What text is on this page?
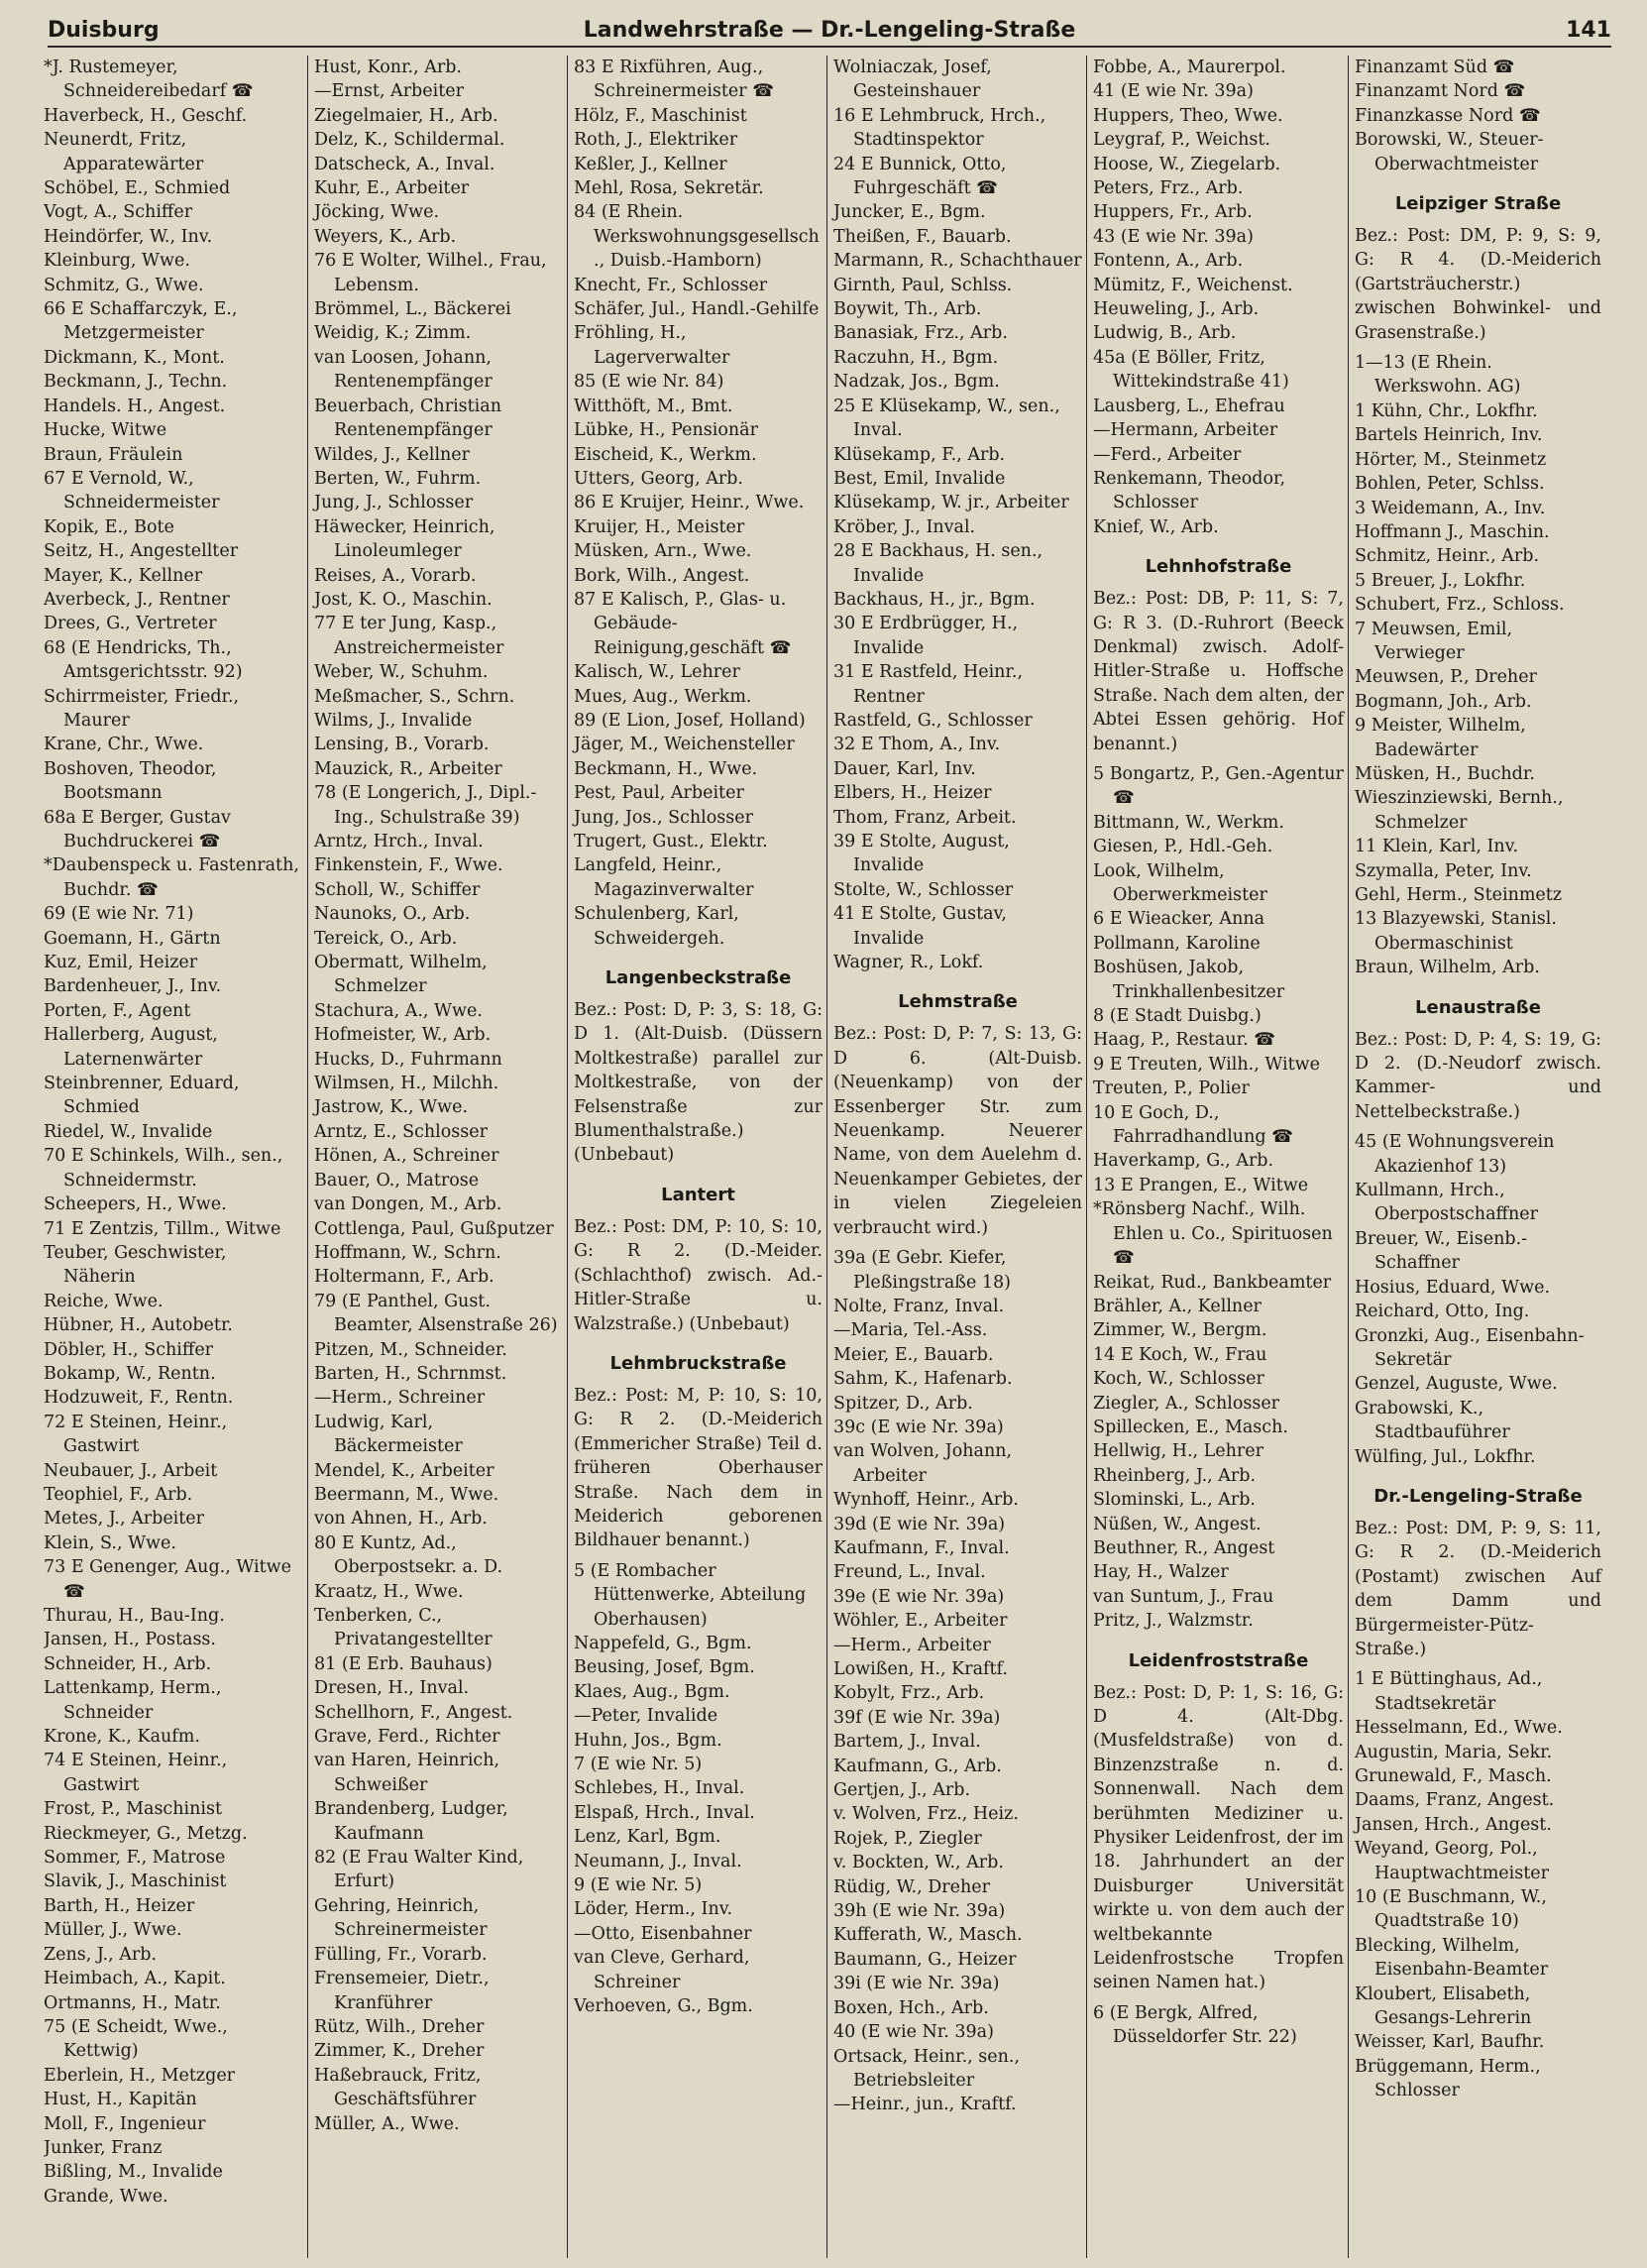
Duisburg	Landwehrstraße — Dr.-Lengeling-Straße	141
*J. Rustemeyer, Schneidereibedarf ☎
Haverbeck, H., Geschf.
Neunerdt, Fritz, Apparatewärter
Schöbel, E., Schmied
Vogt, A., Schiffer
Heindörfer, W., Inv.
Kleinburg, Wwe.
Schmitz, G., Wwe.
66 E Schaffarczyk, E., Metzgermeister
Dickmann, K., Mont.
Beckmann, J., Techn.
Handels. H., Angest.
Hucke, Witwe
Braun, Fräulein
67 E Vernold, W., Schneidermeister
Kopik, E., Bote
Seitz, H., Angestellter
Mayer, K., Kellner
Averbeck, J., Rentner
Drees, G., Vertreter
68 (E Hendricks, Th., Amtsgerichtsstr. 92)
Schirrmeister, Friedr., Maurer
Krane, Chr., Wwe.
Boshoven, Theodor, Bootsmann
68a E Berger, Gustav Buchdruckerei ☎
*Daubenspeck u. Fastenrath, Buchdr. ☎
69 (E wie Nr. 71)
Goemann, H., Gärtn
Kuz, Emil, Heizer
Bardenheuer, J., Inv.
Porten, F., Agent
Hallerberg, August, Laternenwärter
Steinbrenner, Eduard, Schmied
Riedel, W., Invalide
70 E Schinkels, Wilh., sen., Schneidermstr.
Scheepers, H., Wwe.
71 E Zentzis, Tillm., Witwe
Teuber, Geschwister, Näherin
Reiche, Wwe.
Hübner, H., Autobetr.
Döbler, H., Schiffer
Bokamp, W., Rentn.
Hodzuweit, F., Rentn.
72 E Steinen, Heinr., Gastwirt
Neubauer, J., Arbeit
Teophiel, F., Arb.
Metes, J., Arbeiter
Klein, S., Wwe.
73 E Genenger, Aug., Witwe ☎
Thurau, H., Bau-Ing.
Jansen, H., Postass.
Schneider, H., Arb.
Lattenkamp, Herm., Schneider
Krone, K., Kaufm.
74 E Steinen, Heinr., Gastwirt
Frost, P., Maschinist
Rieckmeyer, G., Metzg.
Sommer, F., Matrose
Slavik, J., Maschinist
Barth, H., Heizer
Müller, J., Wwe.
Zens, J., Arb.
Heimbach, A., Kapit.
Ortmanns, H., Matr.
75 (E Scheidt, Wwe., Kettwig)
Eberlein, H., Metzger
Hust, H., Kapitän
Moll, F., Ingenieur
Junker, Franz
Bißling, M., Invalide
Grande, Wwe.
Hust, Konr., Arb.
—Ernst, Arbeiter
Ziegelmaier, H., Arb.
Delz, K., Schildermal.
Datscheck, A., Inval.
Kuhr, E., Arbeiter
Jöcking, Wwe.
Weyers, K., Arb.
76 E Wolter, Wilhel., Frau, Lebensm.
Brömmel, L., Bäckerei
Weidig, K.; Zimm.
van Loosen, Johann, Rentenempfänger
Beuerbach, Christian Rentenempfänger
Wildes, J., Kellner
Berten, W., Fuhrm.
Jung, J., Schlosser
Häwecker, Heinrich, Linoleumleger
Reises, A., Vorarb.
Jost, K. O., Maschin.
77 E ter Jung, Kasp., Anstreichermeister
Weber, W., Schuhm.
Meßmacher, S., Schrn.
Wilms, J., Invalide
Lensing, B., Vorarb.
Mauzick, R., Arbeiter
78 (E Longerich, J., Dipl.-Ing., Schulstraße 39)
Arntz, Hrch., Inval.
Finkenstein, F., Wwe.
Scholl, W., Schiffer
Naunoks, O., Arb.
Tereick, O., Arb.
Obermatt, Wilhelm, Schmelzer
Stachura, A., Wwe.
Hofmeister, W., Arb.
Hucks, D., Fuhrmann
Wilmsen, H., Milchh.
Jastrow, K., Wwe.
Arntz, E., Schlosser
Hönen, A., Schreiner
Bauer, O., Matrose
van Dongen, M., Arb.
Cottlenga, Paul, Gußputzer
Hoffmann, W., Schrn.
Holtermann, F., Arb.
79 (E Panthel, Gust. Beamter, Alsenstraße 26)
Pitzen, M., Schneider.
Barten, H., Schrnmst.
—Herm., Schreiner
Ludwig, Karl, Bäckermeister
Mendel, K., Arbeiter
Beermann, M., Wwe.
von Ahnen, H., Arb.
80 E Kuntz, Ad., Oberpostsekr. a. D.
Kraatz, H., Wwe.
Tenberken, C., Privatangestellter
81 (E Erb. Bauhaus)
Dresen, H., Inval.
Schellhorn, F., Angest.
Grave, Ferd., Richter
van Haren, Heinrich, Schweißer
Brandenberg, Ludger, Kaufmann
82 (E Frau Walter Kind, Erfurt)
Gehring, Heinrich, Schreinermeister
Fülling, Fr., Vorarb.
Frensemeier, Dietr., Kranführer
Rütz, Wilh., Dreher
Zimmer, K., Dreher
Haßebrauck, Fritz, Geschäftsführer
Müller, A., Wwe.
83 E Rixführen, Aug., Schreinermeister ☎
Hölz, F., Maschinist
Roth, J., Elektriker
Keßler, J., Kellner
Mehl, Rosa, Sekretär.
84 (E Rhein. Werkswohnungsgesellsch., Duisb.-Hamborn)
Knecht, Fr., Schlosser
Schäfer, Jul., Handl.-Gehilfe
Fröhling, H., Lagerverwalter
85 (E wie Nr. 84)
Witthöft, M., Bmt.
Lübke, H., Pensionär
Eischeid, K., Werkm.
Utters, Georg, Arb.
86 E Kruijer, Heinr., Wwe.
Kruijer, H., Meister
Müsken, Arn., Wwe.
Bork, Wilh., Angest.
87 E Kalisch, P., Glas- u. Gebäude-Reinigung,geschäft ☎
Kalisch, W., Lehrer
Mues, Aug., Werkm.
89 (E Lion, Josef, Holland)
Jäger, M., Weichensteller
Beckmann, H., Wwe.
Pest, Paul, Arbeiter
Jung, Jos., Schlosser
Trugert, Gust., Elektr.
Langfeld, Heinr., Magazinverwalter
Schulenberg, Karl, Schweidergeh.
Langenbeckstraße
Bez.: Post: D, P: 3, S: 18, G: D 1. (Alt-Duisb. (Düssern Moltkestraße) parallel zur Moltkestraße, von der Felsenstraße zur Blumenthalstraße.) (Unbebaut)
Lantert
Bez.: Post: DM, P: 10, S: 10, G: R 2. (D.-Meider. (Schlachthof) zwisch. Ad.-Hitler-Straße u. Walzstraße.) (Unbebaut)
Lehmbruckstraße
Bez.: Post: M, P: 10, S: 10, G: R 2. (D.-Meiderich (Emmericher Straße) Teil d. früheren Oberhauser Straße. Nach dem in Meiderich geborenen Bildhauer benannt.)
5 (E Rombacher Hüttenwerke, Abteilung Oberhausen)
Nappefeld, G., Bgm.
Beusing, Josef, Bgm.
Klaes, Aug., Bgm.
—Peter, Invalide
Huhn, Jos., Bgm.
7 (E wie Nr. 5)
Schlebes, H., Inval.
Elspaß, Hrch., Inval.
Lenz, Karl, Bgm.
Neumann, J., Inval.
9 (E wie Nr. 5)
Löder, Herm., Inv.
—Otto, Eisenbahner
van Cleve, Gerhard, Schreiner
Verhoeven, G., Bgm.
Wolniaczak, Josef, Gesteinshauer
16 E Lehmbruck, Hrch., Stadtinspektor
24 E Bunnick, Otto, Fuhrgeschäft ☎
Juncker, E., Bgm.
Theißen, F., Bauarb.
Marmann, R., Schachthauer
Girnth, Paul, Schlss.
Boywit, Th., Arb.
Banasiak, Frz., Arb.
Raczuhn, H., Bgm.
Nadzak, Jos., Bgm.
25 E Klüsekamp, W., sen., Inval.
Klüsekamp, F., Arb.
Best, Emil, Invalide
Klüsekamp, W. jr., Arbeiter
Kröber, J., Inval.
28 E Backhaus, H. sen., Invalide
Backhaus, H., jr., Bgm.
30 E Erdbrügger, H., Invalide
31 E Rastfeld, Heinr., Rentner
Rastfeld, G., Schlosser
32 E Thom, A., Inv.
Dauer, Karl, Inv.
Elbers, H., Heizer
Thom, Franz, Arbeit.
39 E Stolte, August, Invalide
Stolte, W., Schlosser
41 E Stolte, Gustav, Invalide
Wagner, R., Lokf.
Lehmstraße
Bez.: Post: D, P: 7, S: 13, G: D 6. (Alt-Duisb. (Neuenkamp) von der Essenberger Str. zum Neuenkamp. Neuerer Name, von dem Auelehm d. Neuenkamper Gebietes, der in vielen Ziegeleien verbraucht wird.)
39a (E Gebr. Kiefer, Pleßingstraße 18)
Nolte, Franz, Inval.
—Maria, Tel.-Ass.
Meier, E., Bauarb.
Sahm, K., Hafenarb.
Spitzer, D., Arb.
39c (E wie Nr. 39a)
van Wolven, Johann, Arbeiter
Wynhoff, Heinr., Arb.
39d (E wie Nr. 39a)
Kaufmann, F., Inval.
Freund, L., Inval.
39e (E wie Nr. 39a)
Wöhler, E., Arbeiter
—Herm., Arbeiter
Lowißen, H., Kraftf.
Kobylt, Frz., Arb.
39f (E wie Nr. 39a)
Bartem, J., Inval.
Kaufmann, G., Arb.
Gertjen, J., Arb.
v. Wolven, Frz., Heiz.
Rojek, P., Ziegler
v. Bockten, W., Arb.
Rüdig, W., Dreher
39h (E wie Nr. 39a)
Kufferath, W., Masch.
Baumann, G., Heizer
39i (E wie Nr. 39a)
Boxen, Hch., Arb.
40 (E wie Nr. 39a)
Ortsack, Heinr., sen., Betriebsleiter
—Heinr., jun., Kraftf.
Fobbe, A., Maurerpol.
41 (E wie Nr. 39a)
Huppers, Theo, Wwe.
Leygraf, P., Weichst.
Hoose, W., Ziegelarb.
Peters, Frz., Arb.
Huppers, Fr., Arb.
43 (E wie Nr. 39a)
Fontenn, A., Arb.
Mümitz, F., Weichenst.
Heuweling, J., Arb.
Ludwig, B., Arb.
45a (E Böller, Fritz, Wittekindstraße 41)
Lausberg, L., Ehefrau
—Hermann, Arbeiter
—Ferd., Arbeiter
Renkemann, Theodor, Schlosser
Knief, W., Arb.
Lehnhofstraße
Bez.: Post: DB, P: 11, S: 7, G: R 3. (D.-Ruhrort (Beeck Denkmal) zwisch. Adolf-Hitler-Straße u. Hoffsche Straße. Nach dem alten, der Abtei Essen gehörig. Hof benannt.)
5 Bongartz, P., Gen.-Agentur ☎
Bittmann, W., Werkm.
Giesen, P., Hdl.-Geh.
Look, Wilhelm, Oberwerkmeister
6 E Wieacker, Anna
Pollmann, Karoline
Boshüsen, Jakob, Trinkhallenbesitzer
8 (E Stadt Duisbg.)
Haag, P., Restaur. ☎
9 E Treuten, Wilh., Witwe
Treuten, P., Polier
10 E Goch, D., Fahrradhandlung ☎
Haverkamp, G., Arb.
13 E Prangen, E., Witwe
*Rönsberg Nachf., Wilh. Ehlen u. Co., Spirituosen ☎
Reikat, Rud., Bankbeamter
Brähler, A., Kellner
Zimmer, W., Bergm.
14 E Koch, W., Frau
Koch, W., Schlosser
Ziegler, A., Schlosser
Spillecken, E., Masch.
Hellwig, H., Lehrer
Rheinberg, J., Arb.
Slominski, L., Arb.
Nüßen, W., Angest.
Beuthner, R., Angest
Hay, H., Walzer
van Suntum, J., Frau
Pritz, J., Walzmstr.
Leidenfroststraße
Bez.: Post: D, P: 1, S: 16, G: D 4. (Alt-Dbg. (Musfeldstraße) von d. Binzenzstraße n. d. Sonnenwall. Nach dem berühmten Mediziner u. Physiker Leidenfrost, der im 18. Jahrhundert an der Duisburger Universität wirkte u. von dem auch der weltbekannte Leidenfrostsche Tropfen seinen Namen hat.)
6 (E Bergk, Alfred, Düsseldorfer Str. 22)
Finanzamt Süd ☎
Finanzamt Nord ☎
Finanzkasse Nord ☎
Borowski, W., Steuer-Oberwachtmeister
Leipziger Straße
Bez.: Post: DM, P: 9, S: 9, G: R 4. (D.-Meiderich (Gartsträucherstr.) zwischen Bohwinkel- und Grasenstraße.)
1—13 (E Rhein. Werkswohn. AG)
1 Kühn, Chr., Lokfhr.
Bartels Heinrich, Inv.
Hörter, M., Steinmetz
Bohlen, Peter, Schlss.
3 Weidemann, A., Inv.
Hoffmann J., Maschin.
Schmitz, Heinr., Arb.
5 Breuer, J., Lokfhr.
Schubert, Frz., Schloss.
7 Meuwsen, Emil, Verwieger
Meuwsen, P., Dreher
Bogmann, Joh., Arb.
9 Meister, Wilhelm, Badewärter
Müsken, H., Buchdr.
Wieszinziewski, Bernh., Schmelzer
11 Klein, Karl, Inv.
Szymalla, Peter, Inv.
Gehl, Herm., Steinmetz
13 Blazyewski, Stanisl. Obermaschinist
Braun, Wilhelm, Arb.
Lenaustraße
Bez.: Post: D, P: 4, S: 19, G: D 2. (D.-Neudorf zwisch. Kammer- und Nettelbeckstraße.)
45 (E Wohnungsverein Akazienhof 13)
Kullmann, Hrch., Oberpostschaffner
Breuer, W., Eisenb.-Schaffner
Hosius, Eduard, Wwe.
Reichard, Otto, Ing.
Gronzki, Aug., Eisenbahn-Sekretär
Genzel, Auguste, Wwe.
Grabowski, K., Stadtbauführer
Wülfing, Jul., Lokfhr.
Dr.-Lengeling-Straße
Bez.: Post: DM, P: 9, S: 11, G: R 2. (D.-Meiderich (Postamt) zwischen Auf dem Damm und Bürgermeister-Pütz-Straße.)
1 E Büttinghaus, Ad., Stadtsekretär
Hesselmann, Ed., Wwe.
Augustin, Maria, Sekr.
Grunewald, F., Masch.
Daams, Franz, Angest.
Jansen, Hrch., Angest.
Weyand, Georg, Pol., Hauptwachtmeister
10 (E Buschmann, W., Quadtstraße 10)
Blecking, Wilhelm, Eisenbahn-Beamter
Kloubert, Elisabeth, Gesangs-Lehrerin
Weisser, Karl, Baufhr.
Brüggemann, Herm., Schlosser
